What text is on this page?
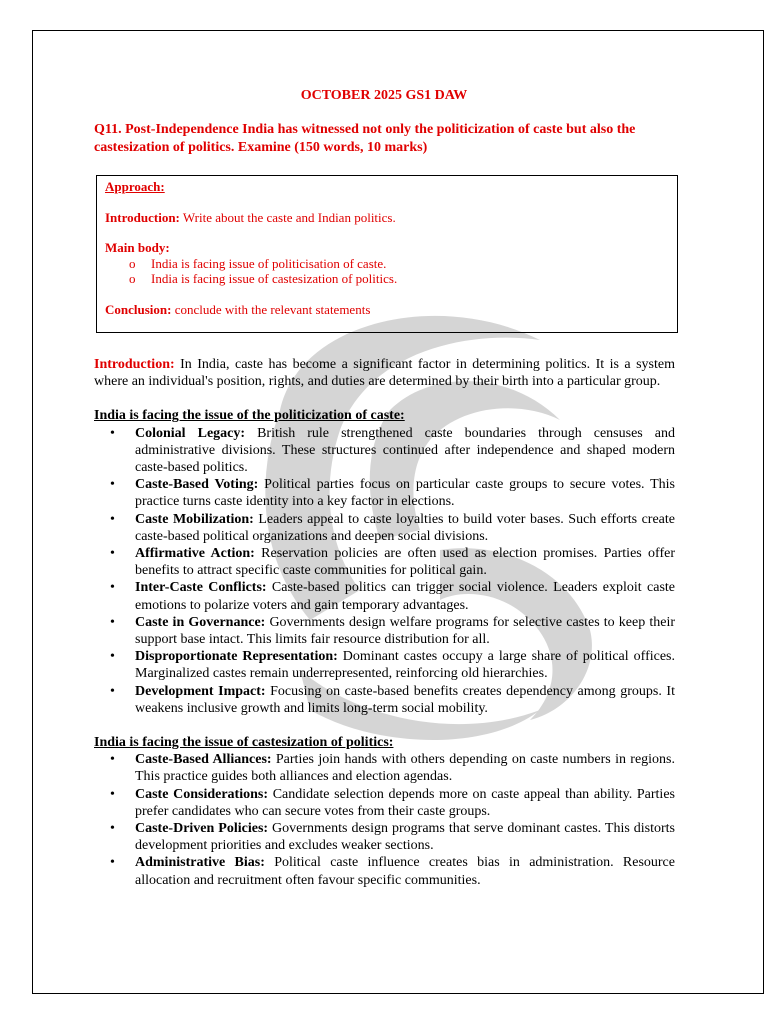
OCTOBER 2025 GS1 DAW
Q11. Post-Independence India has witnessed not only the politicization of caste but also the castesization of politics. Examine (150 words, 10 marks)
Approach:
Introduction: Write about the caste and Indian politics.
Main body:
o India is facing issue of politicisation of caste.
o India is facing issue of castesization of politics.
Conclusion: conclude with the relevant statements
Introduction: In India, caste has become a significant factor in determining politics. It is a system where an individual's position, rights, and duties are determined by their birth into a particular group.
India is facing the issue of the politicization of caste:
• Colonial Legacy: British rule strengthened caste boundaries through censuses and administrative divisions. These structures continued after independence and shaped modern caste-based politics.
• Caste-Based Voting: Political parties focus on particular caste groups to secure votes. This practice turns caste identity into a key factor in elections.
• Caste Mobilization: Leaders appeal to caste loyalties to build voter bases. Such efforts create caste-based political organizations and deepen social divisions.
• Affirmative Action: Reservation policies are often used as election promises. Parties offer benefits to attract specific caste communities for political gain.
• Inter-Caste Conflicts: Caste-based politics can trigger social violence. Leaders exploit caste emotions to polarize voters and gain temporary advantages.
• Caste in Governance: Governments design welfare programs for selective castes to keep their support base intact. This limits fair resource distribution for all.
• Disproportionate Representation: Dominant castes occupy a large share of political offices. Marginalized castes remain underrepresented, reinforcing old hierarchies.
• Development Impact: Focusing on caste-based benefits creates dependency among groups. It weakens inclusive growth and limits long-term social mobility.
India is facing the issue of castesization of politics:
• Caste-Based Alliances: Parties join hands with others depending on caste numbers in regions. This practice guides both alliances and election agendas.
• Caste Considerations: Candidate selection depends more on caste appeal than ability. Parties prefer candidates who can secure votes from their caste groups.
• Caste-Driven Policies: Governments design programs that serve dominant castes. This distorts development priorities and excludes weaker sections.
• Administrative Bias: Political caste influence creates bias in administration. Resource allocation and recruitment often favour specific communities.
